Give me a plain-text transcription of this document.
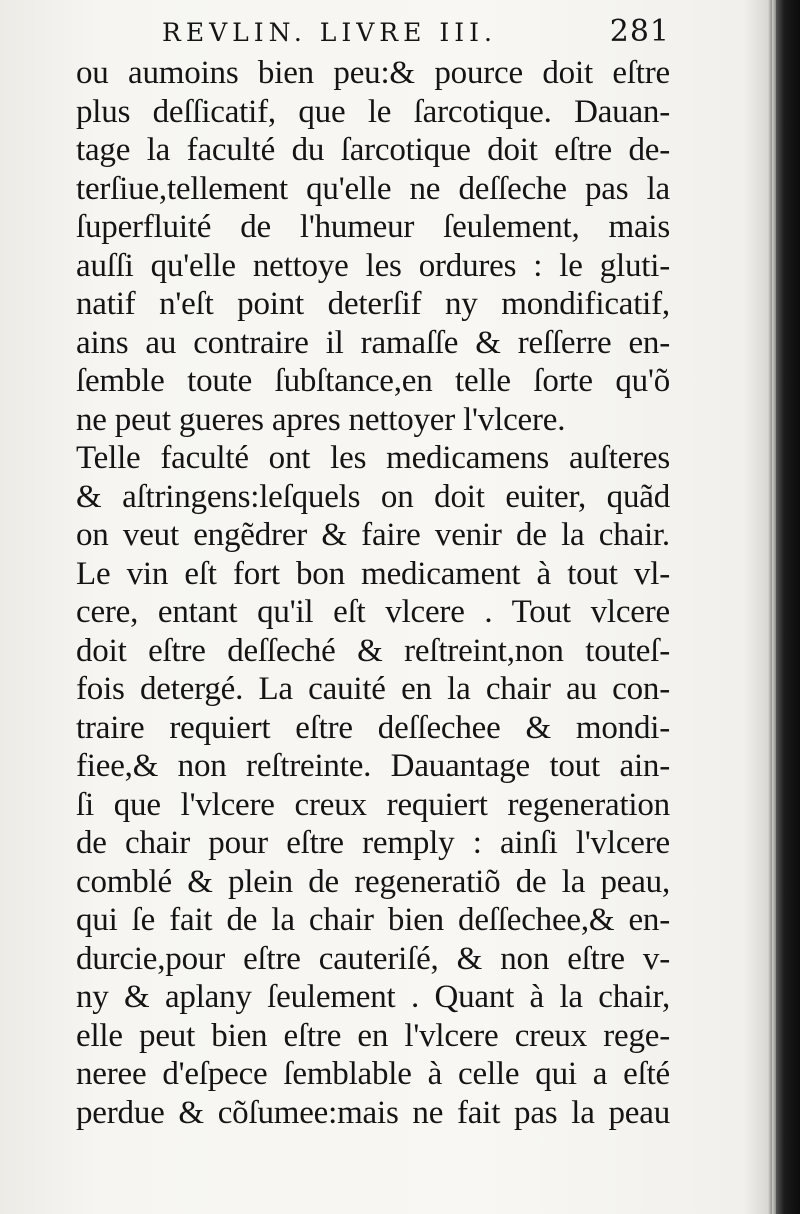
REVLIN. LIVRE III.	281
ou aumoins bien peu:& pource doit eſtre
plus deſſicatif, que le ſarcotique. Dauan-
tage la faculté du ſarcotique doit eſtre de-
terſiue,tellement qu'elle ne deſſeche pas la
ſuperfluité de l'humeur ſeulement, mais
auſſi qu'elle nettoye les ordures : le gluti-
natif n'eſt point deterſif ny mondificatif,
ains au contraire il ramaſſe & reſſerre en-
ſemble toute ſubſtance,en telle ſorte qu'õ
ne peut gueres apres nettoyer l'vlcere.
Telle faculté ont les medicamens auſteres
& aſtringens:leſquels on doit euiter, quãd
on veut engẽdrer & faire venir de la chair.
Le vin eſt fort bon medicament à tout vl-
cere, entant qu'il eſt vlcere . Tout vlcere
doit eſtre deſſeché & reſtreint,non touteſ-
fois detergé. La cauité en la chair au con-
traire requiert eſtre deſſechee & mondi-
fiee,& non reſtreinte. Dauantage tout ain-
ſi que l'vlcere creux requiert regeneration
de chair pour eſtre remply : ainſi l'vlcere
comblé & plein de regeneratiõ de la peau,
qui ſe fait de la chair bien deſſechee,& en-
durcie,pour eſtre cauteriſé, & non eſtre v-
ny & aplany ſeulement . Quant à la chair,
elle peut bien eſtre en l'vlcere creux rege-
neree d'eſpece ſemblable à celle qui a eſté
perdue & cõſumee:mais ne fait pas la peau
